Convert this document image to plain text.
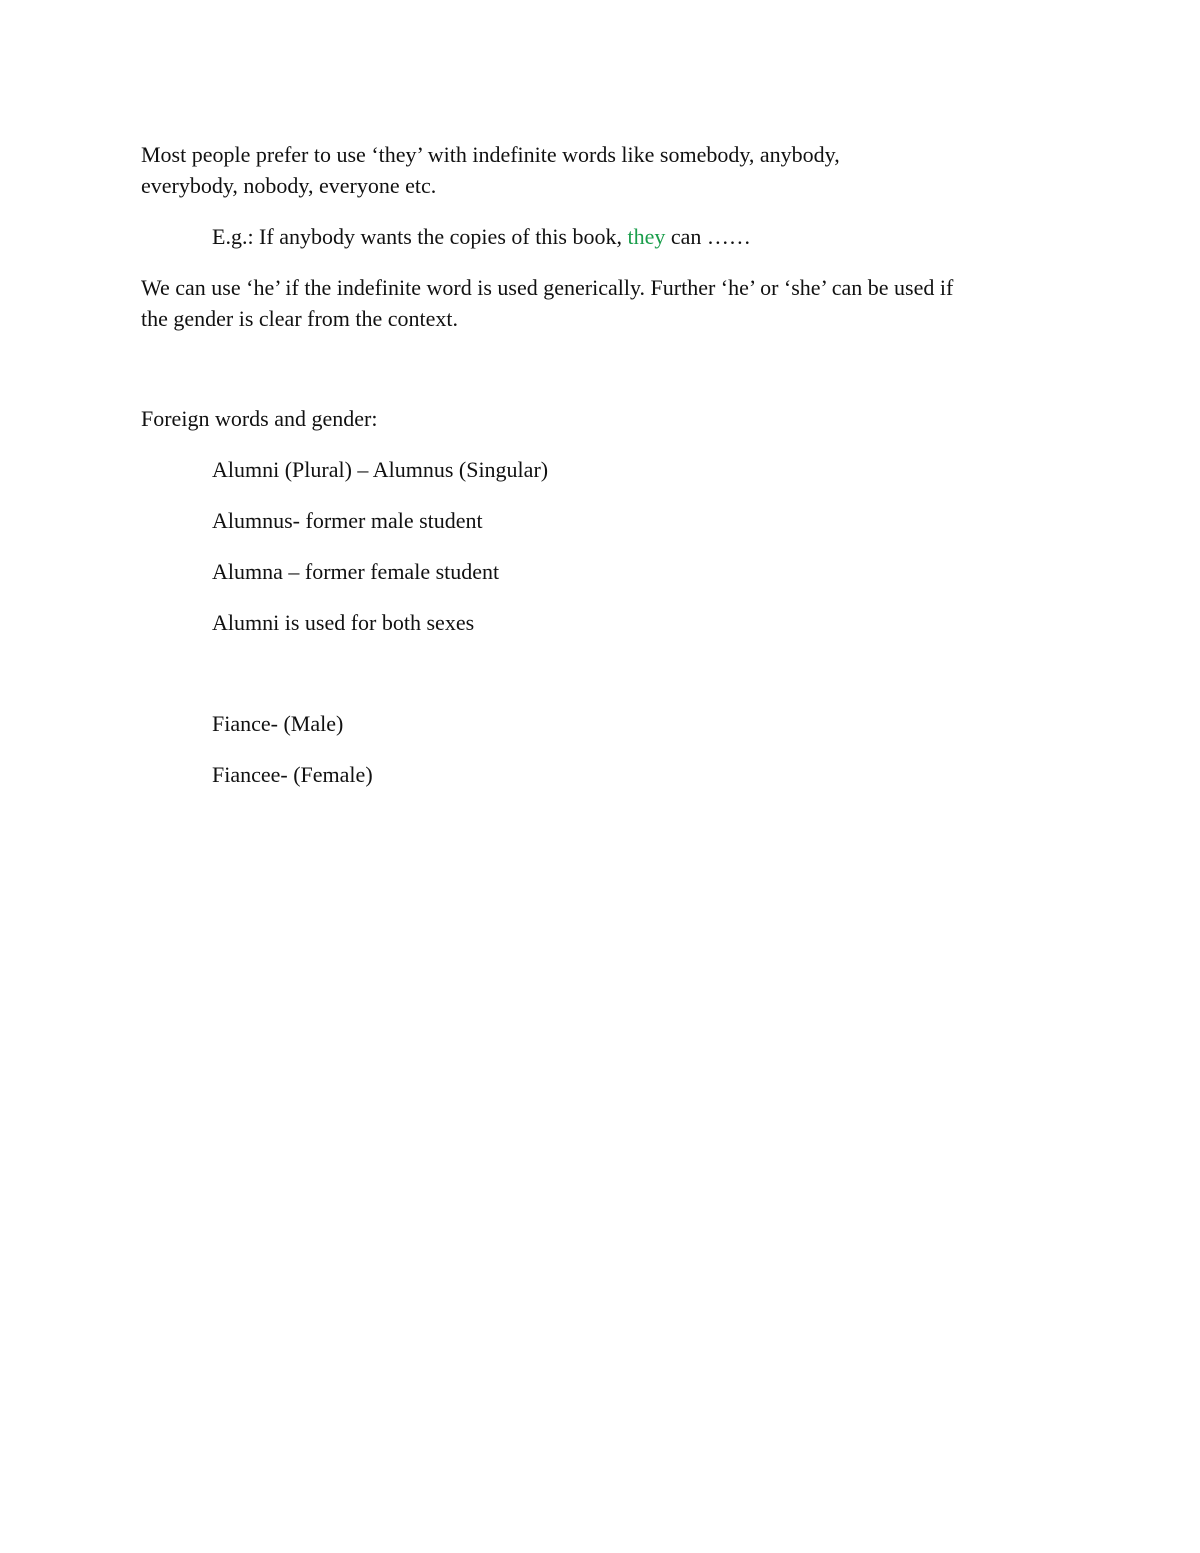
Most people prefer to use ‘they’ with indefinite words like somebody, anybody,
everybody, nobody, everyone etc.
E.g.: If anybody wants the copies of this book, they can ……
We can use ‘he’ if the indefinite word is used generically. Further ‘he’ or ‘she’ can be used if
the gender is clear from the context.
Foreign words and gender:
Alumni (Plural) – Alumnus (Singular)
Alumnus- former male student
Alumna – former female student
Alumni is used for both sexes
Fiance- (Male)
Fiancee- (Female)
